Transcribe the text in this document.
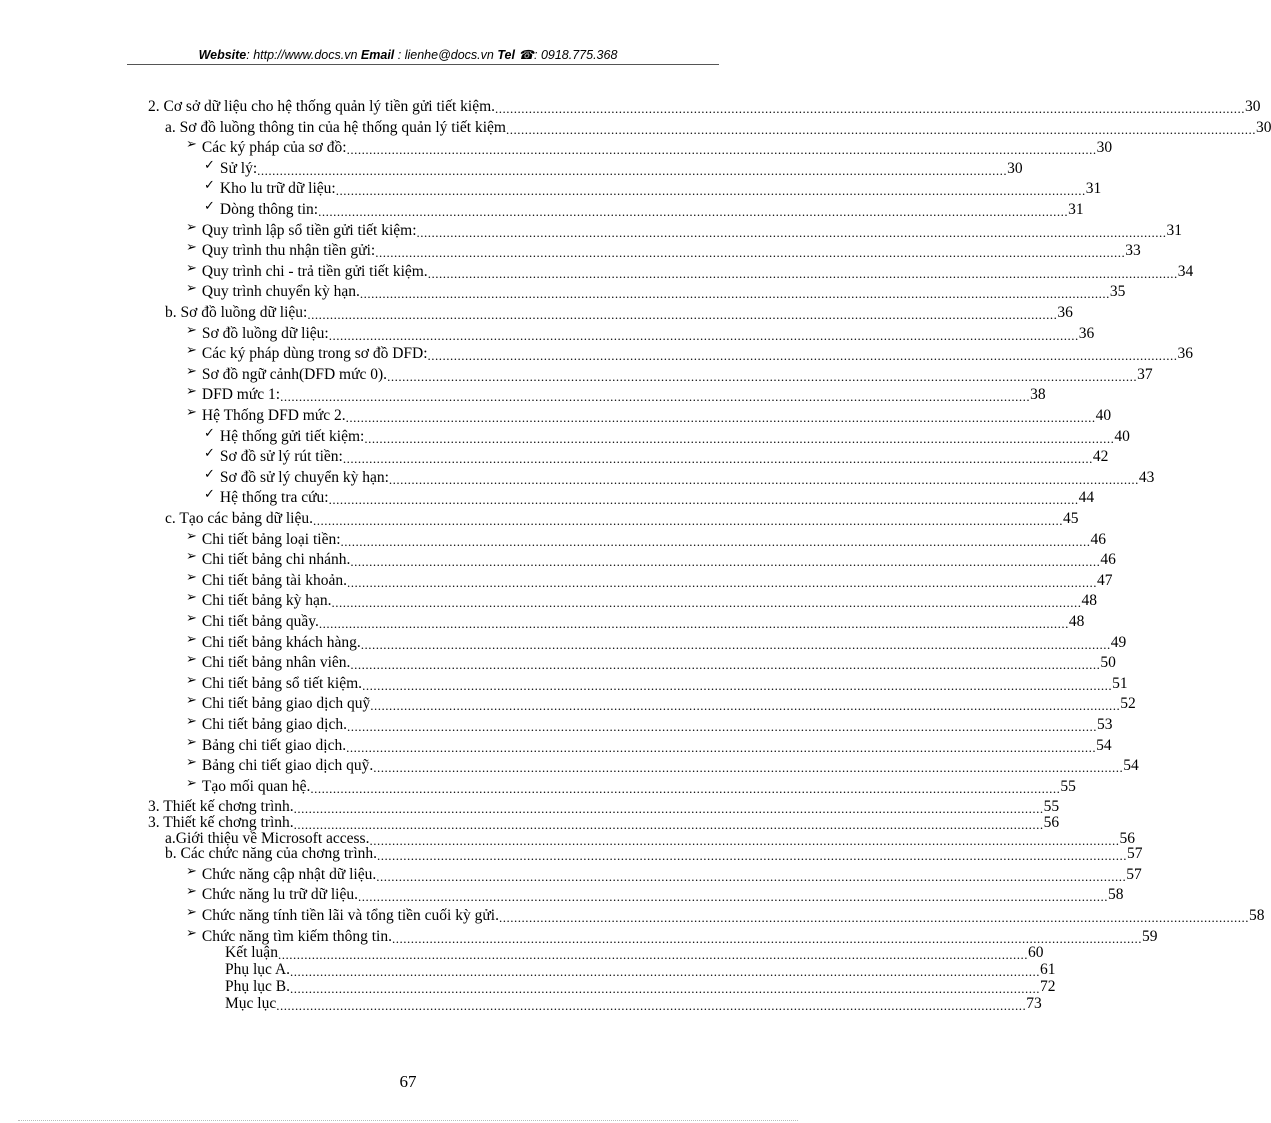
Website: http://www.docs.vn Email : lienhe@docs.vn Tel ☎: 0918.775.368
2. Cơ sở dữ liệu cho hệ thống quản lý tiền gửi tiết kiệm. ........................................................................................................................................................................................................ 30
a. Sơ đồ luồng thông tin của hệ thống quản lý tiết kiệm ........................................................................................................................................................................................................ 30
➢ Các ký pháp của sơ đồ: ........................................................................................................................................................................................................ 30
✓ Sử lý: ........................................................................................................................................................................................................ 30
✓ Kho lu trữ dữ liệu: ........................................................................................................................................................................................................ 31
✓ Dòng thông tin: ........................................................................................................................................................................................................ 31
➢ Quy trình lập sổ tiền gửi tiết kiệm: ........................................................................................................................................................................................................ 31
➢ Quy trình thu nhận tiền gửi: ........................................................................................................................................................................................................ 33
➢ Quy trình chi - trả tiền gửi tiết kiệm. ........................................................................................................................................................................................................ 34
➢ Quy trình chuyển kỳ hạn. ........................................................................................................................................................................................................ 35
b. Sơ đồ luồng dữ liệu: ........................................................................................................................................................................................................ 36
➢ Sơ đồ luồng dữ liệu: ........................................................................................................................................................................................................ 36
➢ Các ký pháp dùng trong sơ đồ DFD: ........................................................................................................................................................................................................ 36
➢ Sơ đồ ngữ cảnh(DFD mức 0). ........................................................................................................................................................................................................ 37
➢ DFD mức 1: ........................................................................................................................................................................................................ 38
➢ Hệ Thống DFD mức 2. ........................................................................................................................................................................................................ 40
✓ Hệ thống gửi tiết kiệm: ........................................................................................................................................................................................................ 40
✓ Sơ đồ sử lý rút tiền: ........................................................................................................................................................................................................ 42
✓ Sơ đồ sử lý chuyển kỳ hạn: ........................................................................................................................................................................................................ 43
✓ Hệ thống tra cứu: ........................................................................................................................................................................................................ 44
c. Tạo các bảng dữ liệu. ........................................................................................................................................................................................................ 45
➢ Chi tiết bảng loại tiền: ........................................................................................................................................................................................................ 46
➢ Chi tiết bảng chi nhánh. ........................................................................................................................................................................................................ 46
➢ Chi tiết bảng tài khoản. ........................................................................................................................................................................................................ 47
➢ Chi tiết bảng kỳ hạn. ........................................................................................................................................................................................................ 48
➢ Chi tiết bảng quầy. ........................................................................................................................................................................................................ 48
➢ Chi tiết bảng khách hàng. ........................................................................................................................................................................................................ 49
➢ Chi tiết bảng nhân viên. ........................................................................................................................................................................................................ 50
➢ Chi tiết bảng sổ tiết kiệm. ........................................................................................................................................................................................................ 51
➢ Chi tiết bảng giao dịch quỹ ........................................................................................................................................................................................................ 52
➢ Chi tiết bảng giao dịch. ........................................................................................................................................................................................................ 53
➢ Bảng chi tiết giao dịch. ........................................................................................................................................................................................................ 54
➢ Bảng chi tiết giao dịch quỹ. ........................................................................................................................................................................................................ 54
➢ Tạo mối quan hệ. ........................................................................................................................................................................................................ 55
3. Thiết kế chơng trình. ........................................................................................................................................................................................................ 55
3. Thiết kế chơng trình. ........................................................................................................................................................................................................ 56
a.Giới thiệu về Microsoft access. ........................................................................................................................................................................................................ 56
b. Các chức năng của chơng trình. ........................................................................................................................................................................................................ 57
➢ Chức năng cập nhật dữ liệu. ........................................................................................................................................................................................................ 57
➢ Chức năng lu trữ dữ liệu. ........................................................................................................................................................................................................ 58
➢ Chức năng tính tiền lãi và tổng tiền cuối kỳ gửi. ........................................................................................................................................................................................................ 58
➢ Chức năng tìm kiếm thông tin. ........................................................................................................................................................................................................ 59
Kết luận ........................................................................................................................................................................................................ 60
Phụ lục A. ........................................................................................................................................................................................................ 61
Phụ lục B. ........................................................................................................................................................................................................ 72
Mục lục ........................................................................................................................................................................................................ 73
67
